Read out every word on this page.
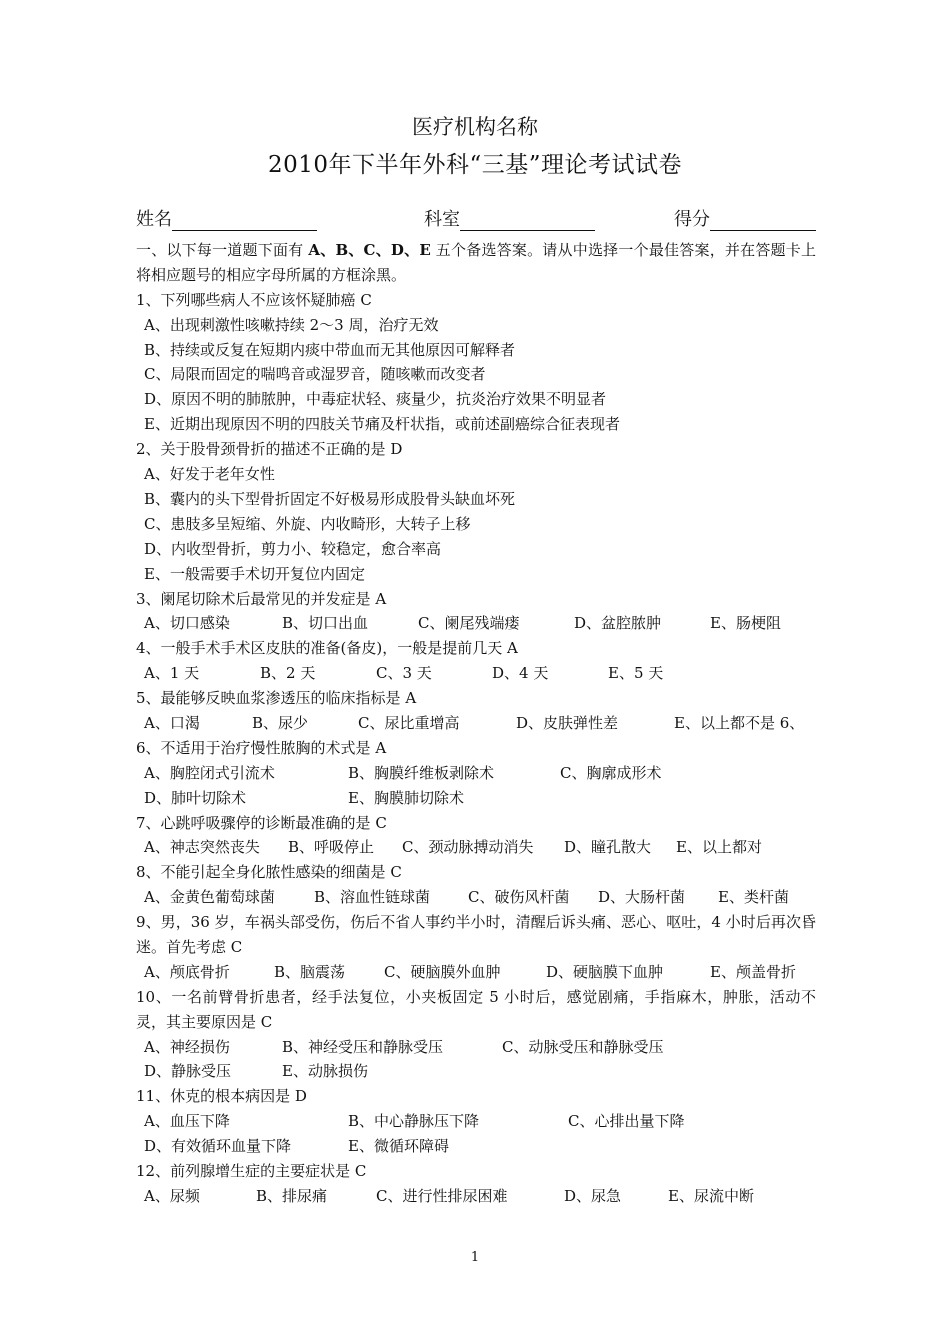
医疗机构名称
2010年下半年外科“三基”理论考试试卷
姓名	科室	得分
一、以下每一道题下面有 A、B、C、D、E 五个备选答案。请从中选择一个最佳答案，并在答题卡上将相应题号的相应字母所属的方框涂黑。
1、下列哪些病人不应该怀疑肺癌 C
A、出现刺激性咳嗽持续 2～3 周，治疗无效
B、持续或反复在短期内痰中带血而无其他原因可解释者
C、局限而固定的喘鸣音或湿罗音，随咳嗽而改变者
D、原因不明的肺脓肿，中毒症状轻、痰量少，抗炎治疗效果不明显者
E、近期出现原因不明的四肢关节痛及杆状指，或前述副癌综合征表现者
2、关于股骨颈骨折的描述不正确的是 D
A、好发于老年女性
B、囊内的头下型骨折固定不好极易形成股骨头缺血坏死
C、患肢多呈短缩、外旋、内收畸形，大转子上移
D、内收型骨折，剪力小、较稳定，愈合率高
E、一般需要手术切开复位内固定
3、阑尾切除术后最常见的并发症是 A
A、切口感染	B、切口出血	C、阑尾残端瘘	D、盆腔脓肿	E、肠梗阻
4、一般手术手术区皮肤的准备(备皮)，一般是提前几天 A
A、1 天	B、2 天	C、3 天	D、4 天	E、5 天
5、最能够反映血浆渗透压的临床指标是 A
A、口渴	B、尿少	C、尿比重增高	D、皮肤弹性差	E、以上都不是 6、
6、不适用于治疗慢性脓胸的术式是 A
A、胸腔闭式引流术	B、胸膜纤维板剥除术	C、胸廓成形术
D、肺叶切除术	E、胸膜肺切除术
7、心跳呼吸骤停的诊断最准确的是 C
A、神志突然丧失 B、呼吸停止 C、颈动脉搏动消失 D、瞳孔散大 E、以上都对
8、不能引起全身化脓性感染的细菌是 C
A、金黄色葡萄球菌	B、溶血性链球菌	C、破伤风杆菌 D、大肠杆菌 E、类杆菌
9、男，36 岁，车祸头部受伤，伤后不省人事约半小时，清醒后诉头痛、恶心、呕吐，4 小时后再次昏迷。首先考虑 C
A、颅底骨折	B、脑震荡	C、硬脑膜外血肿	D、硬脑膜下血肿	E、颅盖骨折
10、一名前臂骨折患者，经手法复位，小夹板固定 5 小时后，感觉剧痛，手指麻木，肿胀，活动不灵，其主要原因是 C
A、神经损伤	B、神经受压和静脉受压	C、动脉受压和静脉受压
D、静脉受压	E、动脉损伤
11、休克的根本病因是 D
A、血压下降	B、中心静脉压下降	C、心排出量下降
D、有效循环血量下降	E、微循环障碍
12、前列腺增生症的主要症状是 C
A、尿频	B、排尿痛	C、进行性排尿困难	D、尿急	E、尿流中断
1
